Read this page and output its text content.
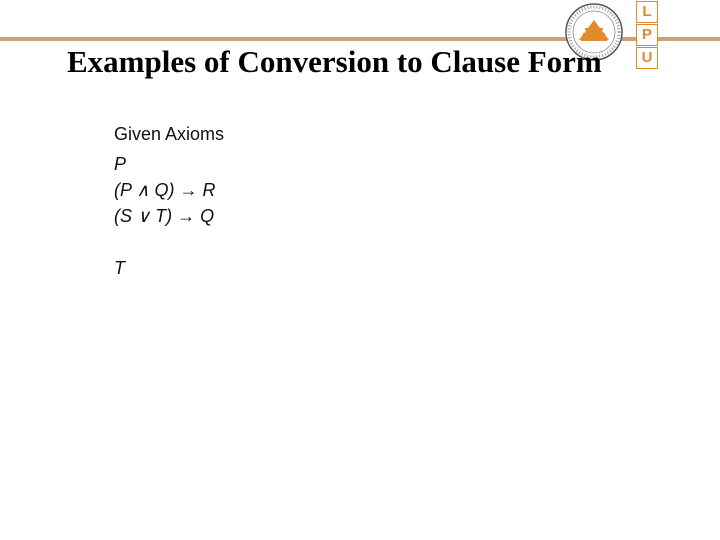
L
P
U
Examples of Conversion to Clause Form
Given Axioms
P
(P ∧ Q) → R
(S ∨ T) → Q
T
